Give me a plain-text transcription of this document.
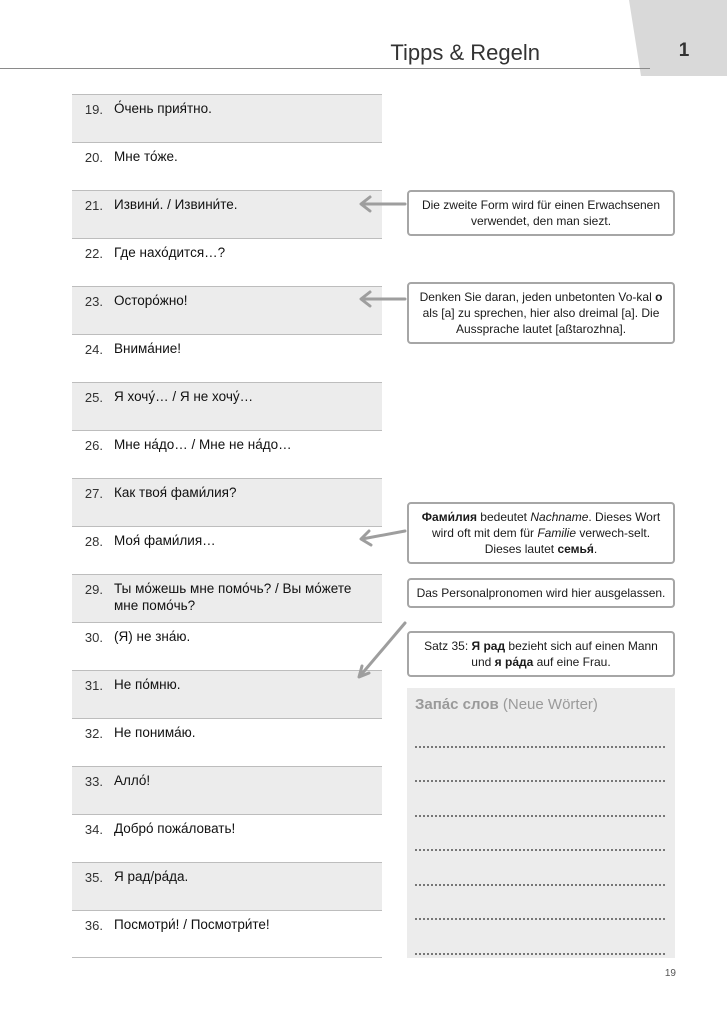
1
Tipps & Regeln
19. О́чень прия́тно.
20. Мне то́же.
21. Извини́. / Извини́те.
22. Где нахо́дится…?
23. Осторо́жно!
24. Внима́ние!
25. Я хочу́… / Я не хочу́…
26. Мне на́до… / Мне не на́до…
27. Как твоя́ фами́лия?
28. Моя́ фами́лия…
29. Ты мо́жешь мне помо́чь? / Вы мо́жете мне помо́чь?
30. (Я) не зна́ю.
31. Не по́мню.
32. Не понима́ю.
33. Алло́!
34. Добро́ пожа́ловать!
35. Я рад/ра́да.
36. Посмотри́! / Посмотри́те!
Die zweite Form wird für einen Erwachsenen verwendet, den man siezt.
Denken Sie daran, jeden unbetonten Vo-kal o als [a] zu sprechen, hier also dreimal [a]. Die Aussprache lautet [aßtarozhna].
Фами́лия bedeutet Nachname. Dieses Wort wird oft mit dem für Familie verwech-selt. Dieses lautet семья́.
Das Personalpronomen wird hier ausgelassen.
Satz 35: Я рад bezieht sich auf einen Mann und я ра́да auf eine Frau.
Запа́с слов (Neue Wörter)
19
